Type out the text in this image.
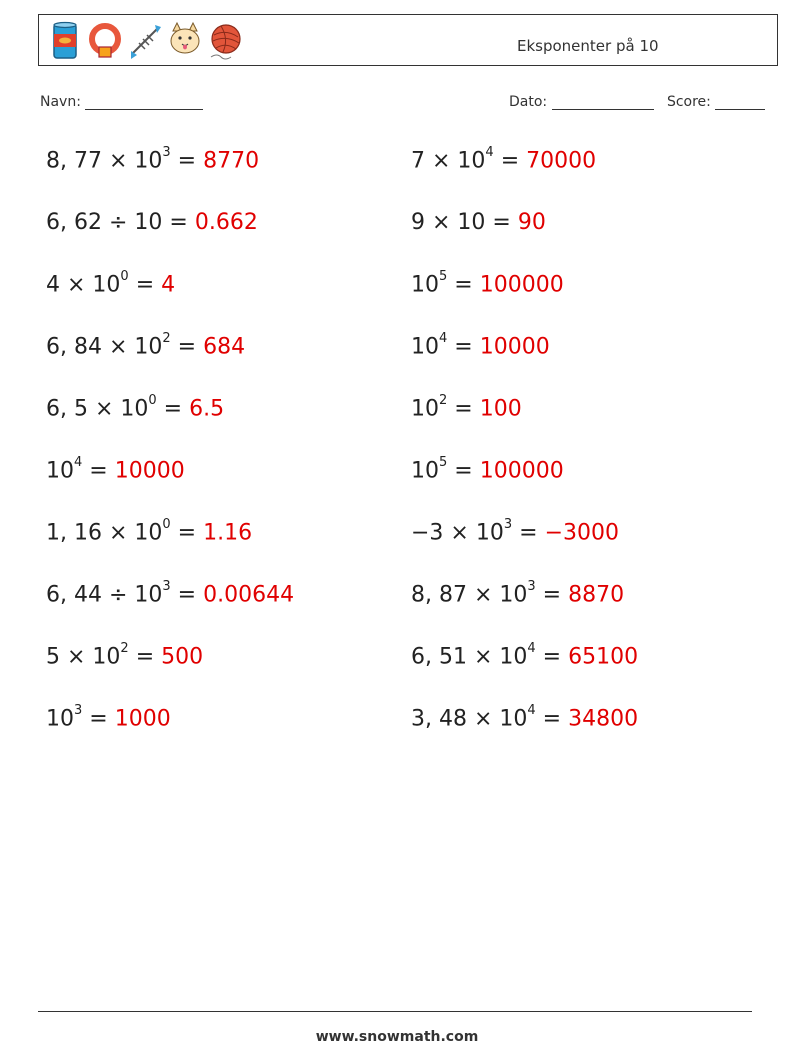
Eksponenter på 10
Navn:	Dato:	Score:
8, $77 \times 10^3 = 8770$
6, 62 ÷ 10 = 0.662
$4 \times 10^0 = 4$
6, $84 \times 10^2 = 684$
6, $5 \times 10^0 = 6.5$
$10^4 = 10000$
1, $16 \times 10^0 = 1.16$
6, $44 \div 10^3 = 0.00644$
$5 \times 10^2 = 500$
$10^3 = 1000$
$7 \times 10^4 = 70000$
9 × 10 = 90
$10^5 = 100000$
$10^4 = 10000$
$10^2 = 100$
$10^5 = 100000$
$-3 \times 10^3 = -3000$
8, $87 \times 10^3 = 8870$
6, $51 \times 10^4 = 65100$
3, $48 \times 10^4 = 34800$
www.snowmath.com
